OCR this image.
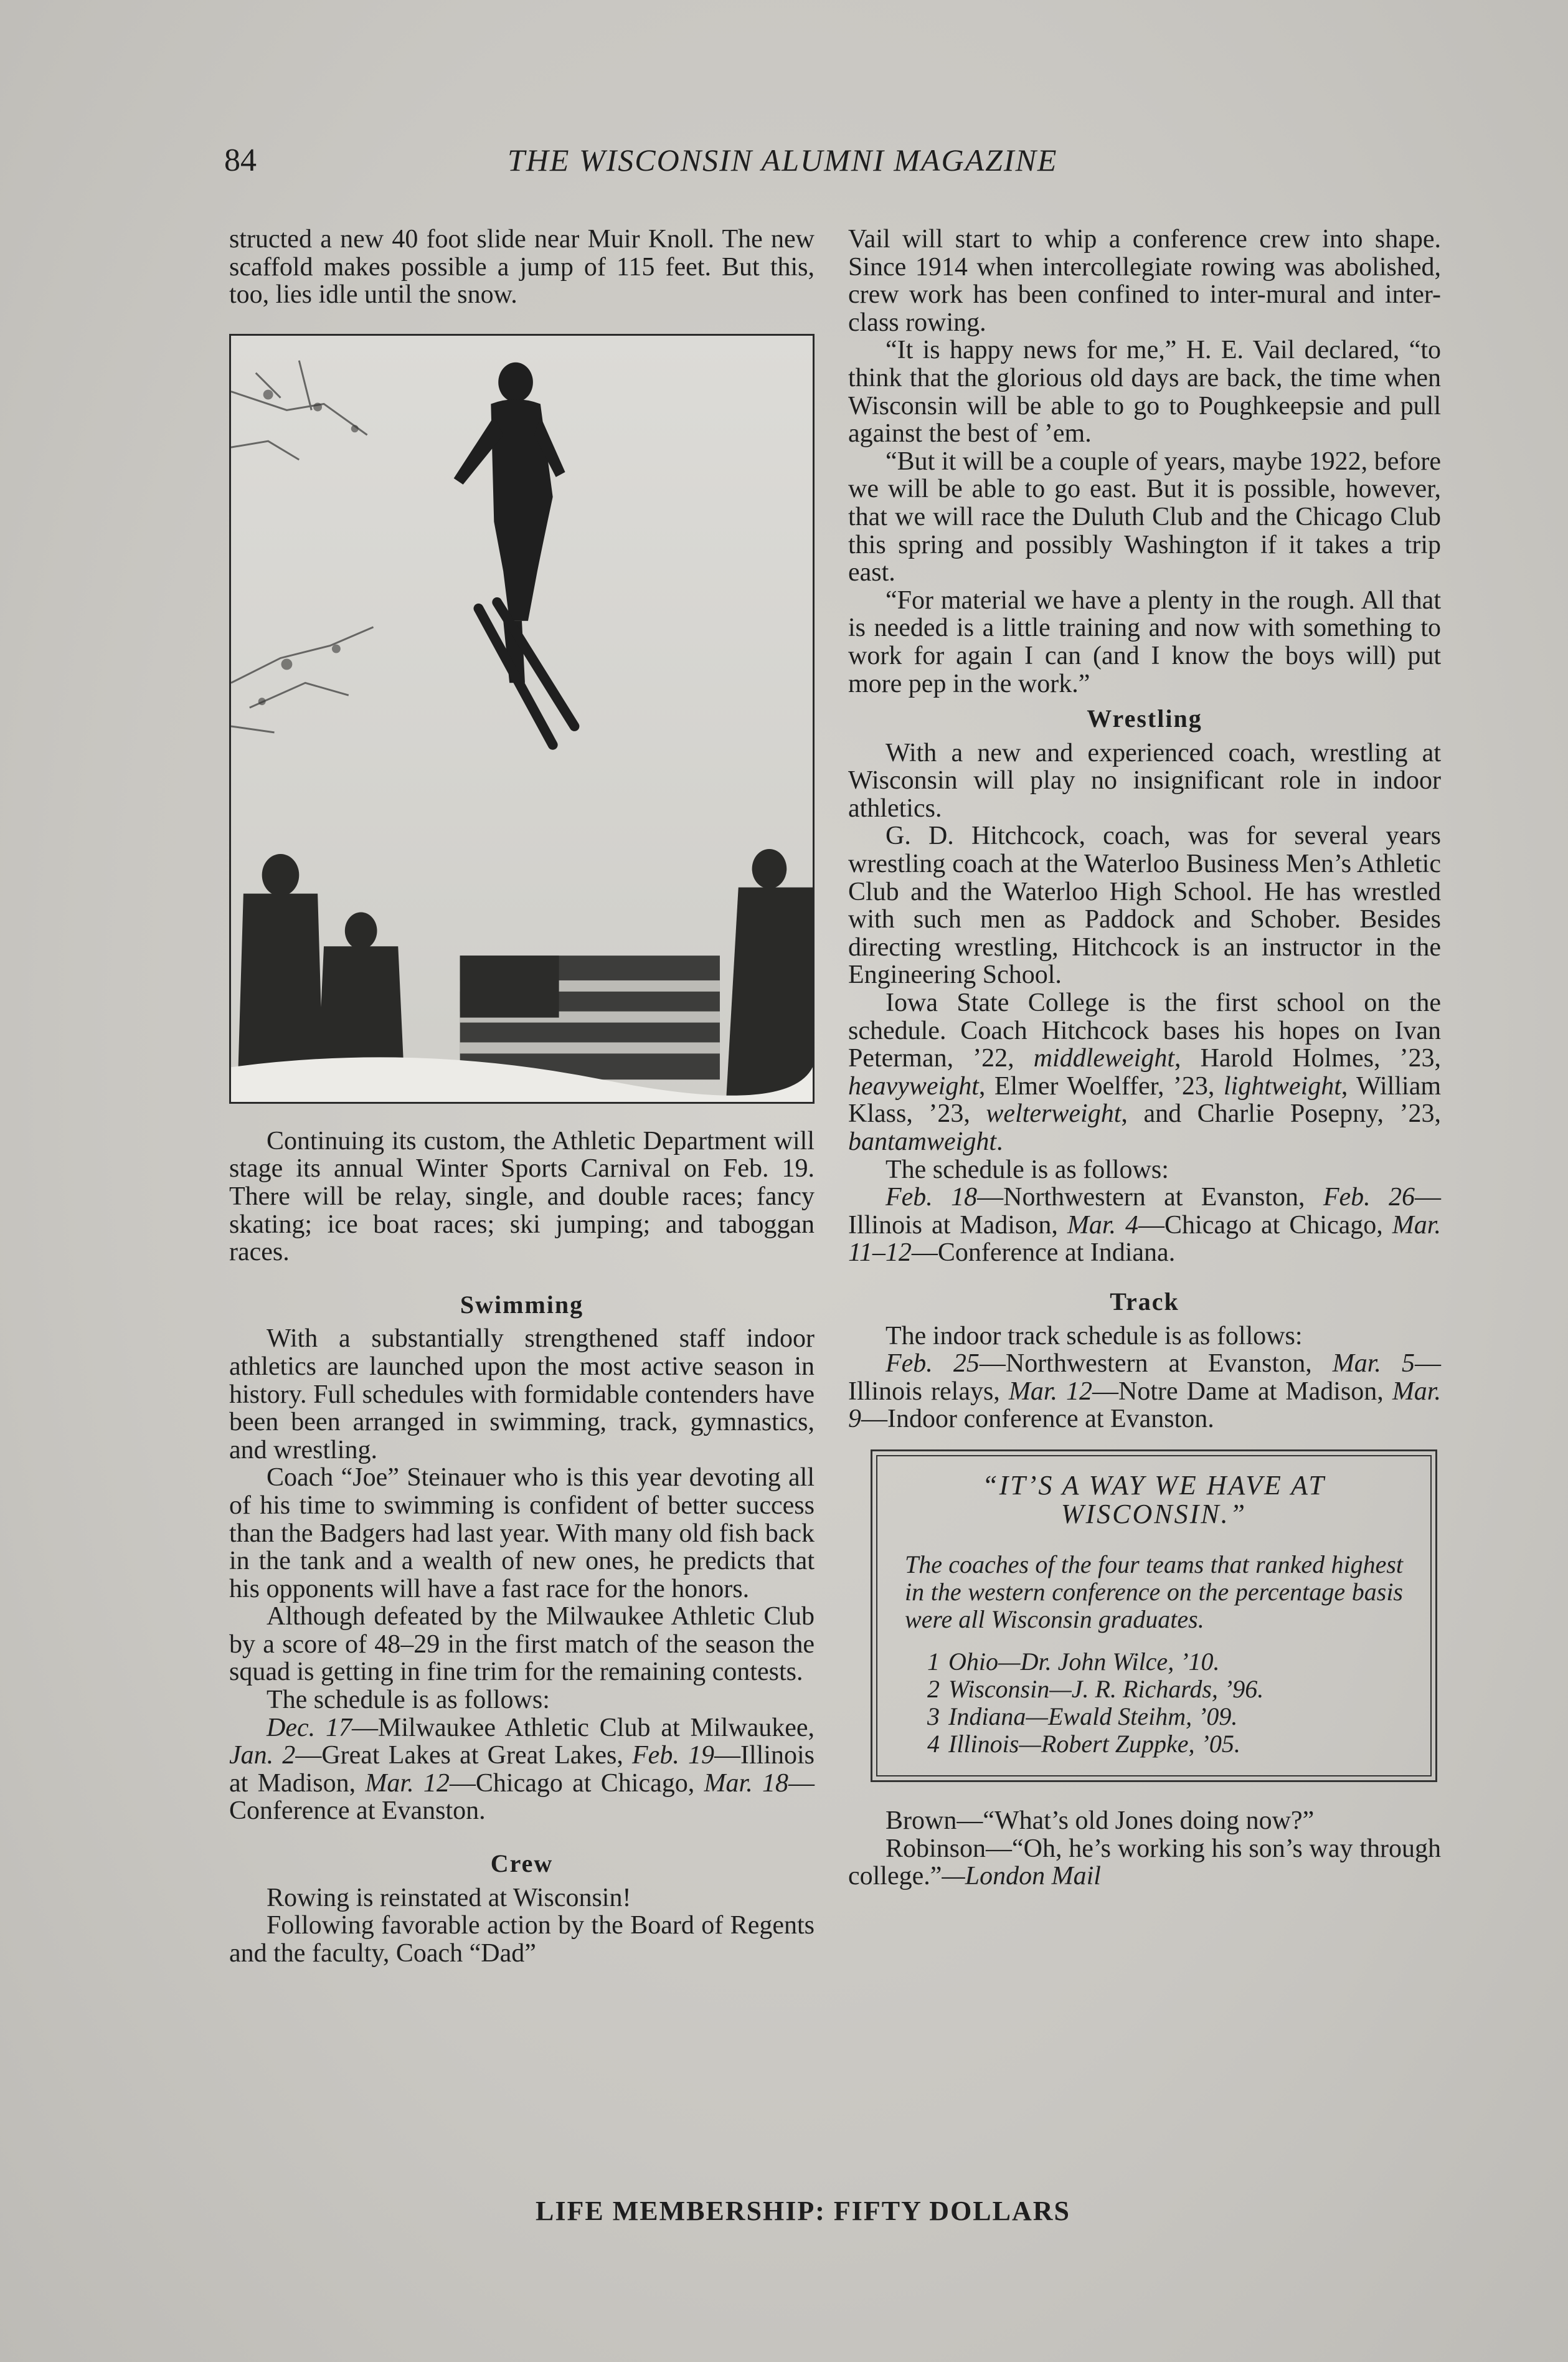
84	THE WISCONSIN ALUMNI MAGAZINE

structed a new 40 foot slide near Muir Knoll. The new scaffold makes possible a jump of 115 feet. But this, too, lies idle until the snow.

Continuing its custom, the Athletic Department will stage its annual Winter Sports Carnival on Feb. 19. There will be relay, single, and double races; fancy skating; ice boat races; ski jumping; and taboggan races.

Swimming

With a substantially strengthened staff indoor athletics are launched upon the most active season in history. Full schedules with formidable contenders have been been arranged in swimming, track, gymnastics, and wrestling.

Coach “Joe” Steinauer who is this year devoting all of his time to swimming is confident of better success than the Badgers had last year. With many old fish back in the tank and a wealth of new ones, he predicts that his opponents will have a fast race for the honors.

Although defeated by the Milwaukee Athletic Club by a score of 48–29 in the first match of the season the squad is getting in fine trim for the remaining contests.

The schedule is as follows:

Dec. 17—Milwaukee Athletic Club at Milwaukee, Jan. 2—Great Lakes at Great Lakes, Feb. 19—Illinois at Madison, Mar. 12—Chicago at Chicago, Mar. 18—Conference at Evanston.

Crew

Rowing is reinstated at Wisconsin!

Following favorable action by the Board of Regents and the faculty, Coach “Dad”

Vail will start to whip a conference crew into shape. Since 1914 when intercollegiate rowing was abolished, crew work has been confined to inter-mural and inter-class rowing.

“It is happy news for me,” H. E. Vail declared, “to think that the glorious old days are back, the time when Wisconsin will be able to go to Poughkeepsie and pull against the best of ’em.

“But it will be a couple of years, maybe 1922, before we will be able to go east. But it is possible, however, that we will race the Duluth Club and the Chicago Club this spring and possibly Washington if it takes a trip east.

“For material we have a plenty in the rough. All that is needed is a little training and now with something to work for again I can (and I know the boys will) put more pep in the work.”

Wrestling

With a new and experienced coach, wrestling at Wisconsin will play no insignificant role in indoor athletics.

G. D. Hitchcock, coach, was for several years wrestling coach at the Waterloo Business Men’s Athletic Club and the Waterloo High School. He has wrestled with such men as Paddock and Schober. Besides directing wrestling, Hitchcock is an instructor in the Engineering School.

Iowa State College is the first school on the schedule. Coach Hitchcock bases his hopes on Ivan Peterman, ’22, middleweight, Harold Holmes, ’23, heavyweight, Elmer Woelffer, ’23, lightweight, William Klass, ’23, welterweight, and Charlie Posepny, ’23, bantamweight.

The schedule is as follows:

Feb. 18—Northwestern at Evanston, Feb. 26—Illinois at Madison, Mar. 4—Chicago at Chicago, Mar. 11–12—Conference at Indiana.

Track

The indoor track schedule is as follows:

Feb. 25—Northwestern at Evanston, Mar. 5—Illinois relays, Mar. 12—Notre Dame at Madison, Mar. 9—Indoor conference at Evanston.

“IT’S A WAY WE HAVE AT WISCONSIN.”
The coaches of the four teams that ranked highest in the western conference on the percentage basis were all Wisconsin graduates.
1 Ohio—Dr. John Wilce, ’10.
2 Wisconsin—J. R. Richards, ’96.
3 Indiana—Ewald Steihm, ’09.
4 Illinois—Robert Zuppke, ’05.

Brown—“What’s old Jones doing now?”

Robinson—“Oh, he’s working his son’s way through college.”—London Mail

LIFE MEMBERSHIP: FIFTY DOLLARS
